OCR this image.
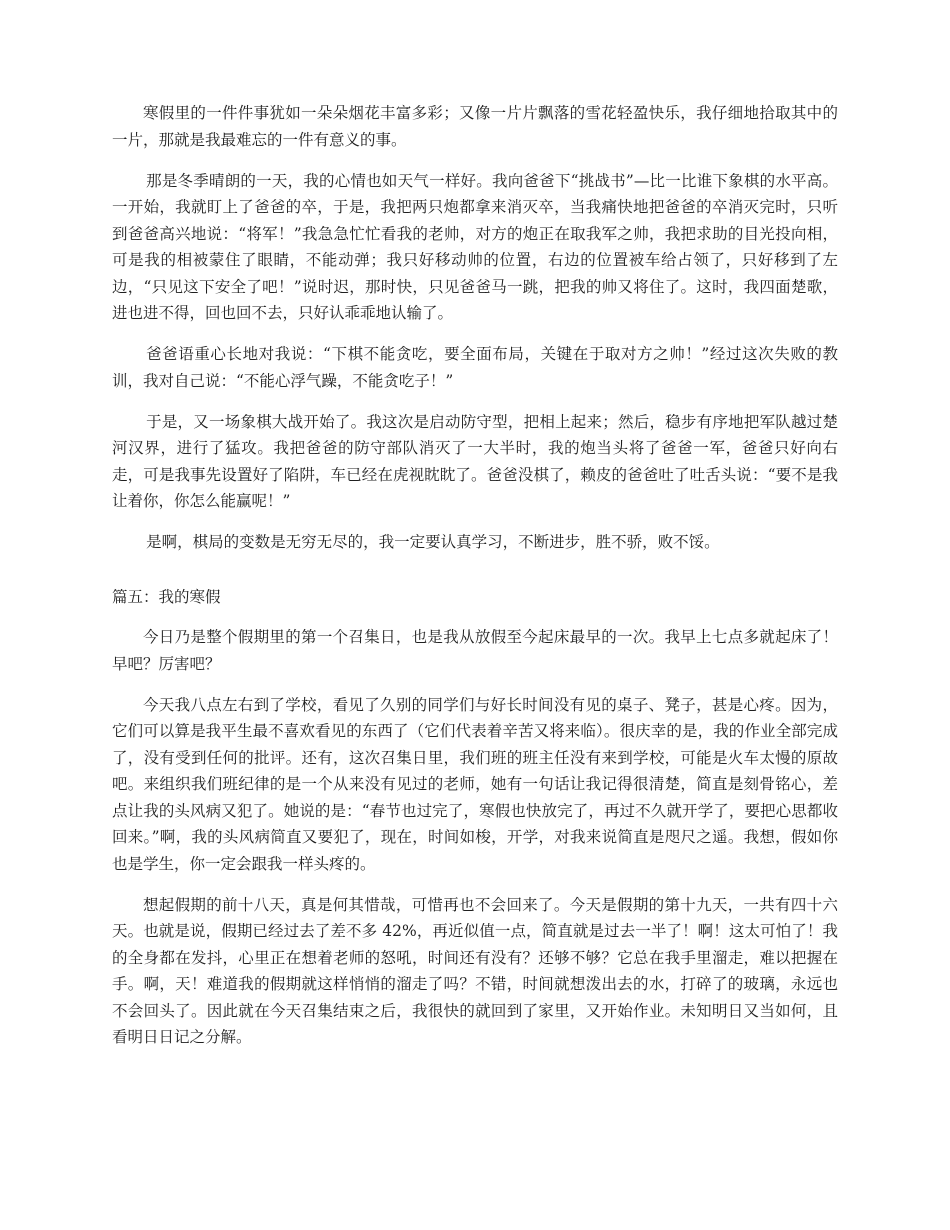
寒假里的一件件事犹如一朵朵烟花丰富多彩；又像一片片飘落的雪花轻盈快乐，我仔细地拾取其中的一片，那就是我最难忘的一件有意义的事。

那是冬季晴朗的一天，我的心情也如天气一样好。我向爸爸下“挑战书”—比一比谁下象棋的水平高。一开始，我就盯上了爸爸的卒，于是，我把两只炮都拿来消灭卒，当我痛快地把爸爸的卒消灭完时，只听到爸爸高兴地说：“将军！”我急急忙忙看我的老帅，对方的炮正在取我军之帅，我把求助的目光投向相，可是我的相被蒙住了眼睛，不能动弹；我只好移动帅的位置，右边的位置被车给占领了，只好移到了左边，“只见这下安全了吧！”说时迟，那时快，只见爸爸马一跳，把我的帅又将住了。这时，我四面楚歌，进也进不得，回也回不去，只好认乖乖地认输了。

爸爸语重心长地对我说：“下棋不能贪吃，要全面布局，关键在于取对方之帅！”经过这次失败的教训，我对自己说：“不能心浮气躁，不能贪吃子！”

于是，又一场象棋大战开始了。我这次是启动防守型，把相上起来；然后，稳步有序地把军队越过楚河汉界，进行了猛攻。我把爸爸的防守部队消灭了一大半时，我的炮当头将了爸爸一军，爸爸只好向右走，可是我事先设置好了陷阱，车已经在虎视眈眈了。爸爸没棋了，赖皮的爸爸吐了吐舌头说：“要不是我让着你，你怎么能赢呢！”

是啊，棋局的变数是无穷无尽的，我一定要认真学习，不断进步，胜不骄，败不馁。

篇五：我的寒假

今日乃是整个假期里的第一个召集日，也是我从放假至今起床最早的一次。我早上七点多就起床了！早吧？厉害吧？

今天我八点左右到了学校，看见了久别的同学们与好长时间没有见的桌子、凳子，甚是心疼。因为，它们可以算是我平生最不喜欢看见的东西了（它们代表着辛苦又将来临）。很庆幸的是，我的作业全部完成了，没有受到任何的批评。还有，这次召集日里，我们班的班主任没有来到学校，可能是火车太慢的原故吧。来组织我们班纪律的是一个从来没有见过的老师，她有一句话让我记得很清楚，简直是刻骨铭心，差点让我的头风病又犯了。她说的是：“春节也过完了，寒假也快放完了，再过不久就开学了，要把心思都收回来。”啊，我的头风病简直又要犯了，现在，时间如梭，开学，对我来说简直是咫尺之遥。我想，假如你也是学生，你一定会跟我一样头疼的。

想起假期的前十八天，真是何其惜哉，可惜再也不会回来了。今天是假期的第十九天，一共有四十六天。也就是说，假期已经过去了差不多 42%，再近似值一点，简直就是过去一半了！啊！这太可怕了！我的全身都在发抖，心里正在想着老师的怒吼，时间还有没有？还够不够？它总在我手里溜走，难以把握在手。啊，天！难道我的假期就这样悄悄的溜走了吗？不错，时间就想泼出去的水，打碎了的玻璃，永远也不会回头了。因此就在今天召集结束之后，我很快的就回到了家里，又开始作业。未知明日又当如何，且看明日日记之分解。
